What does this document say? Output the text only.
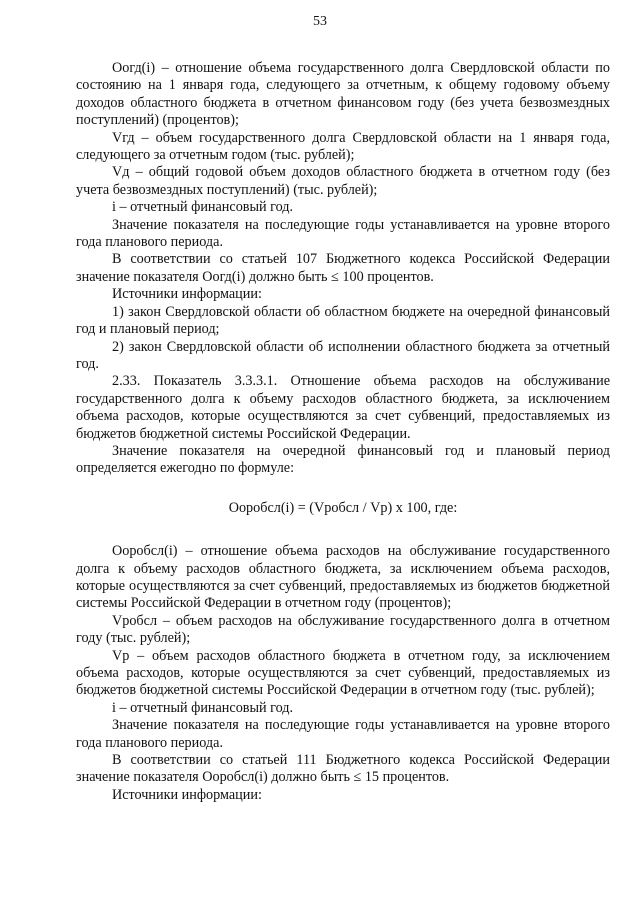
53

Оогд(i) – отношение объема государственного долга Свердловской области по состоянию на 1 января года, следующего за отчетным, к общему годовому объему доходов областного бюджета в отчетном финансовом году (без учета безвозмездных поступлений) (процентов);

Vгд – объем государственного долга Свердловской области на 1 января года, следующего за отчетным годом (тыс. рублей);

Vд – общий годовой объем доходов областного бюджета в отчетном году (без учета безвозмездных поступлений) (тыс. рублей);

i – отчетный финансовый год.

Значение показателя на последующие годы устанавливается на уровне второго года планового периода.

В соответствии со статьей 107 Бюджетного кодекса Российской Федерации значение показателя Оогд(i) должно быть ≤ 100 процентов.

Источники информации:

1) закон Свердловской области об областном бюджете на очередной финансовый год и плановый период;

2) закон Свердловской области об исполнении областного бюджета за отчетный год.

2.33. Показатель 3.3.3.1. Отношение объема расходов на обслуживание государственного долга к объему расходов областного бюджета, за исключением объема расходов, которые осуществляются за счет субвенций, предоставляемых из бюджетов бюджетной системы Российской Федерации.

Значение показателя на очередной финансовый год и плановый период определяется ежегодно по формуле:

Ооробсл(i) = (Vробсл / Vр) x 100, где:

Ооробсл(i) – отношение объема расходов на обслуживание государственного долга к объему расходов областного бюджета, за исключением объема расходов, которые осуществляются за счет субвенций, предоставляемых из бюджетов бюджетной системы Российской Федерации в отчетном году (процентов);

Vробсл – объем расходов на обслуживание государственного долга в отчетном году (тыс. рублей);

Vр – объем расходов областного бюджета в отчетном году, за исключением объема расходов, которые осуществляются за счет субвенций, предоставляемых из бюджетов бюджетной системы Российской Федерации в отчетном году (тыс. рублей);

i – отчетный финансовый год.

Значение показателя на последующие годы устанавливается на уровне второго года планового периода.

В соответствии со статьей 111 Бюджетного кодекса Российской Федерации значение показателя Ооробсл(i) должно быть ≤ 15 процентов.

Источники информации:
